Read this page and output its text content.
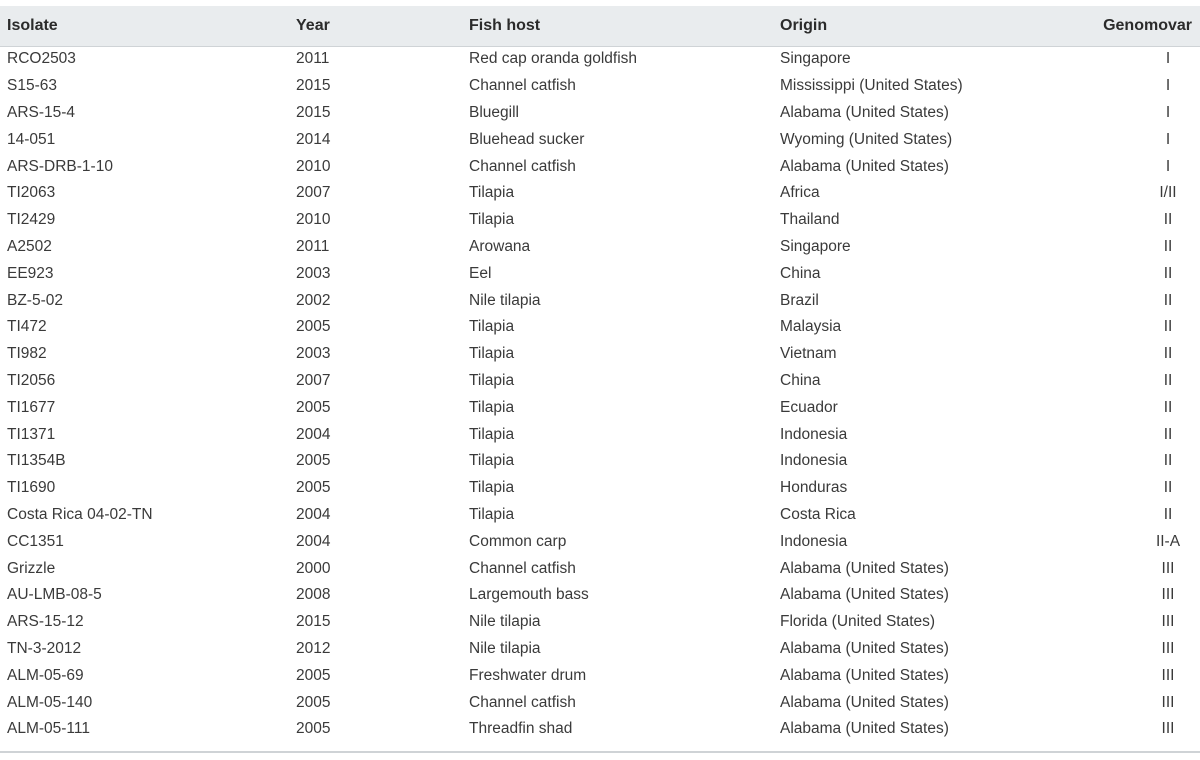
Isolate	Year	Fish host	Origin	Genomovar
RCO2503	2011	Red cap oranda goldfish	Singapore	I
S15-63	2015	Channel catfish	Mississippi (United States)	I
ARS-15-4	2015	Bluegill	Alabama (United States)	I
14-051	2014	Bluehead sucker	Wyoming (United States)	I
ARS-DRB-1-10	2010	Channel catfish	Alabama (United States)	I
TI2063	2007	Tilapia	Africa	I/II
TI2429	2010	Tilapia	Thailand	II
A2502	2011	Arowana	Singapore	II
EE923	2003	Eel	China	II
BZ-5-02	2002	Nile tilapia	Brazil	II
TI472	2005	Tilapia	Malaysia	II
TI982	2003	Tilapia	Vietnam	II
TI2056	2007	Tilapia	China	II
TI1677	2005	Tilapia	Ecuador	II
TI1371	2004	Tilapia	Indonesia	II
TI1354B	2005	Tilapia	Indonesia	II
TI1690	2005	Tilapia	Honduras	II
Costa Rica 04-02-TN	2004	Tilapia	Costa Rica	II
CC1351	2004	Common carp	Indonesia	II-A
Grizzle	2000	Channel catfish	Alabama (United States)	III
AU-LMB-08-5	2008	Largemouth bass	Alabama (United States)	III
ARS-15-12	2015	Nile tilapia	Florida (United States)	III
TN-3-2012	2012	Nile tilapia	Alabama (United States)	III
ALM-05-69	2005	Freshwater drum	Alabama (United States)	III
ALM-05-140	2005	Channel catfish	Alabama (United States)	III
ALM-05-111	2005	Threadfin shad	Alabama (United States)	III
